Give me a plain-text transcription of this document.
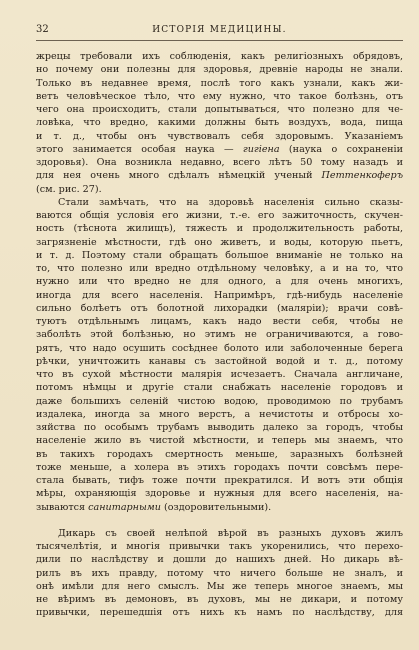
32	ИСТОРІЯ МЕДИЦИНЫ.
жрецы требовали ихъ соблюденія, какъ религіозныхъ обрядовъ,
но почему они полезны для здоровья, древніе народы не знали.
Только въ недавнее время, послѣ того какъ узнали, какъ жи-
ветъ человѣческое тѣло, что ему нужно, что такое болѣзнь, отъ
чего она происходитъ, стали допытываться, что полезно для че-
ловѣка, что вредно, какими должны быть воздухъ, вода, пища
и т. д., чтобы онъ чувствовалъ себя здоровымъ. Указаніемъ
этого занимается особая наука — гигіена (наука о сохраненіи
здоровья). Она возникла недавно, всего лѣтъ 50 тому назадъ и
для нея очень много сдѣлалъ нѣмецкій ученый Петтенкоферъ
(см. рис. 27).
Стали замѣчать, что на здоровьѣ населенія сильно сказы-
ваются общія условія его жизни, т.-е. его зажиточность, скучен-
ность (тѣснота жилищъ), тяжесть и продолжительность работы,
загрязненіе мѣстности, гдѣ оно живетъ, и воды, которую пьетъ,
и т. д. Поэтому стали обращать большое вниманіе не только на
то, что полезно или вредно отдѣльному человѣку, а и на то, что
нужно или что вредно не для одного, а для очень многихъ,
иногда для всего населенія. Напримѣръ, гдѣ-нибудь населеніе
сильно болѣетъ отъ болотной лихорадки (маляріи); врачи совѣ-
туютъ отдѣльнымъ лицамъ, какъ надо вести себя, чтобы не
заболѣть этой болѣзнью, но этимъ не ограничиваются, а гово-
рятъ, что надо осушить сосѣднее болото или заболоченные берега
рѣчки, уничтожить канавы съ застойной водой и т. д., потому
что въ сухой мѣстности малярія исчезаетъ. Сначала англичане,
потомъ нѣмцы и другіе стали снабжать населеніе городовъ и
даже большихъ селеній чистою водою, проводимою по трубамъ
издалека, иногда за много верстъ, а нечистоты и отбросы хо-
зяйства по особымъ трубамъ выводить далеко за городъ, чтобы
населеніе жило въ чистой мѣстности, и теперь мы знаемъ, что
въ такихъ городахъ смертность меньше, заразныхъ болѣзней
тоже меньше, а холера въ этихъ городахъ почти совсѣмъ пере-
стала бывать, тифъ тоже почти прекратился. И вотъ эти общія
мѣры, охраняющія здоровье и нужныя для всего населенія, на-
зываются санитарными (оздоровительными).
Дикарь съ своей нелѣпой вѣрой въ разныхъ духовъ жилъ
тысячелѣтія, и многія привычки такъ укоренились, что перехо-
дили по наслѣдству и дошли до нашихъ дней. Но дикарь вѣ-
рилъ въ ихъ правду, потому что ничего больше не зналъ, и
онѣ имѣли для него смыслъ. Мы же теперь многое знаемъ, мы
не вѣримъ въ демоновъ, въ духовъ, мы не дикари, и потому
привычки, перешедшія отъ нихъ къ намъ по наслѣдству, для
